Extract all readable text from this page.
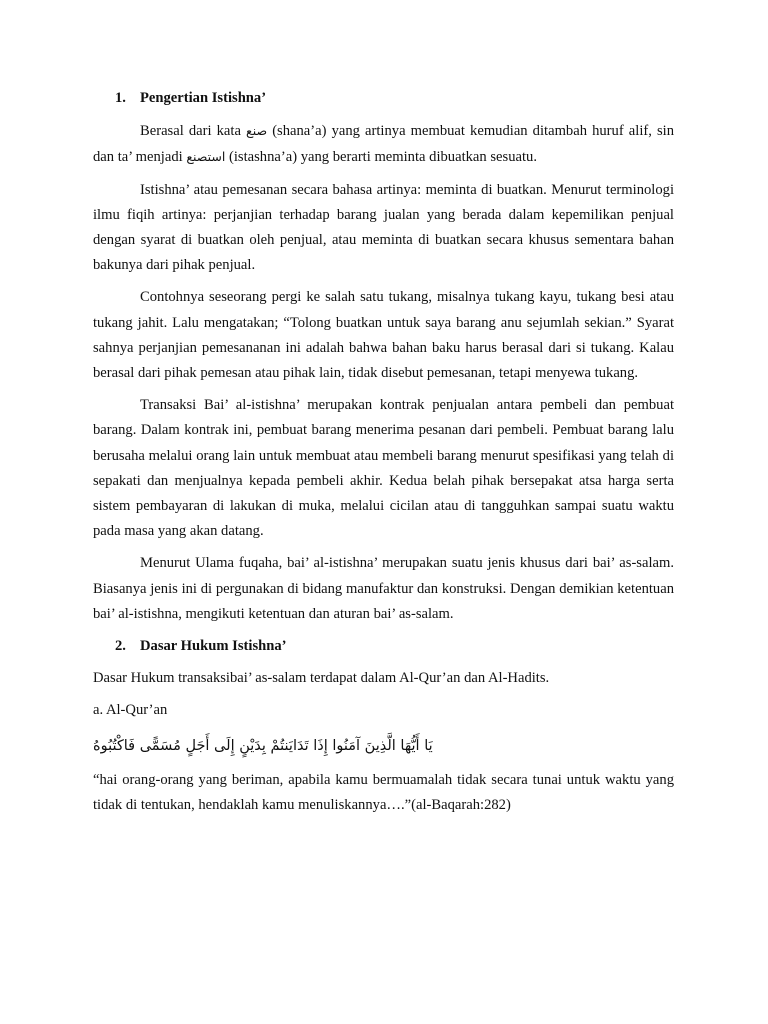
1. Pengertian Istishna’

Berasal dari kata صنع (shana’a) yang artinya membuat kemudian ditambah huruf alif, sin dan ta’ menjadi ﺍﺳﺘﺼﻨﻊ (istashna’a) yang berarti meminta dibuatkan sesuatu.

Istishna’ atau pemesanan secara bahasa artinya: meminta di buatkan. Menurut terminologi ilmu fiqih artinya: perjanjian terhadap barang jualan yang berada dalam kepemilikan penjual dengan syarat di buatkan oleh penjual, atau meminta di buatkan secara khusus sementara bahan bakunya dari pihak penjual.

Contohnya seseorang pergi ke salah satu tukang, misalnya tukang kayu, tukang besi atau tukang jahit. Lalu mengatakan; “Tolong buatkan untuk saya barang anu sejumlah sekian.” Syarat sahnya perjanjian pemesananan ini adalah bahwa bahan baku harus berasal dari si tukang. Kalau berasal dari pihak pemesan atau pihak lain, tidak disebut pemesanan, tetapi menyewa tukang.

Transaksi Bai’ al-istishna’ merupakan kontrak penjualan antara pembeli dan pembuat barang. Dalam kontrak ini, pembuat barang menerima pesanan dari pembeli. Pembuat barang lalu berusaha melalui orang lain untuk membuat atau membeli barang menurut spesifikasi yang telah di sepakati dan menjualnya kepada pembeli akhir. Kedua belah pihak bersepakat atsa harga serta sistem pembayaran di lakukan di muka, melalui cicilan atau di tangguhkan sampai suatu waktu pada masa yang akan datang.

Menurut Ulama fuqaha, bai’ al-istishna’ merupakan suatu jenis khusus dari bai’ as-salam. Biasanya jenis ini di pergunakan di bidang manufaktur dan konstruksi. Dengan demikian ketentuan bai’ al-istishna, mengikuti ketentuan dan aturan bai’ as-salam.

2. Dasar Hukum Istishna’

Dasar Hukum transaksibai’ as-salam terdapat dalam Al-Qur’an dan Al-Hadits.

a. Al-Qur’an

يَا أَيُّهَا الَّذِينَ آمَنُوا إِذَا تَدَايَنتُمْ بِدَيْنٍ إِلَى أَجَلٍ مُسَمًّى فَاكْتُبُوهُ

“hai orang-orang yang beriman, apabila kamu bermuamalah tidak secara tunai untuk waktu yang tidak di tentukan, hendaklah kamu menuliskannya….”(al-Baqarah:282)
